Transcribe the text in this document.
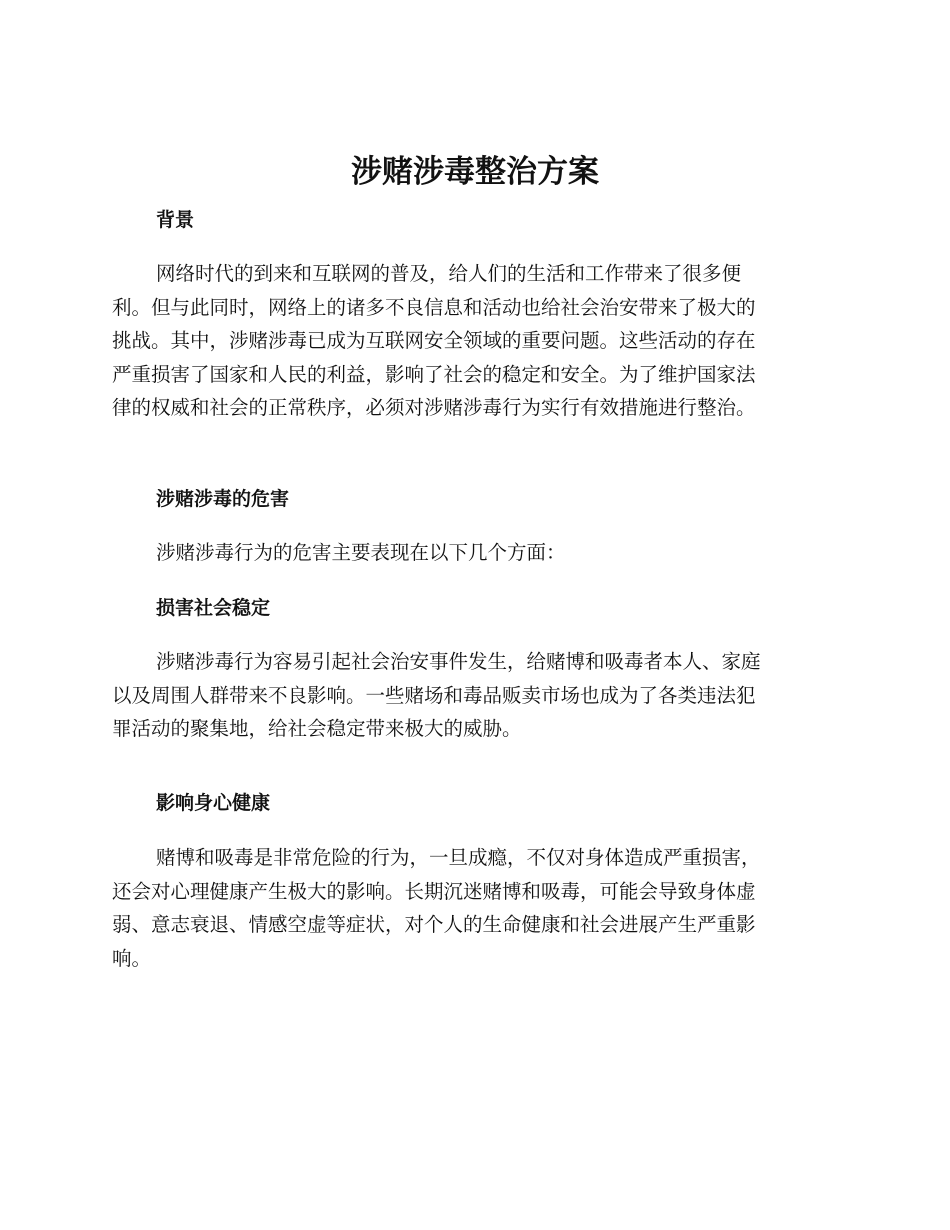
涉赌涉毒整治方案
背景
网络时代的到来和互联网的普及，给人们的生活和工作带来了很多便
利。但与此同时，网络上的诸多不良信息和活动也给社会治安带来了极大的
挑战。其中，涉赌涉毒已成为互联网安全领域的重要问题。这些活动的存在
严重损害了国家和人民的利益，影响了社会的稳定和安全。为了维护国家法
律的权威和社会的正常秩序，必须对涉赌涉毒行为实行有效措施进行整治。
涉赌涉毒的危害
涉赌涉毒行为的危害主要表现在以下几个方面：
损害社会稳定
涉赌涉毒行为容易引起社会治安事件发生，给赌博和吸毒者本人、家庭
以及周围人群带来不良影响。一些赌场和毒品贩卖市场也成为了各类违法犯
罪活动的聚集地，给社会稳定带来极大的威胁。
影响身心健康
赌博和吸毒是非常危险的行为，一旦成瘾，不仅对身体造成严重损害，
还会对心理健康产生极大的影响。长期沉迷赌博和吸毒，可能会导致身体虚
弱、意志衰退、情感空虚等症状，对个人的生命健康和社会进展产生严重影
响。
